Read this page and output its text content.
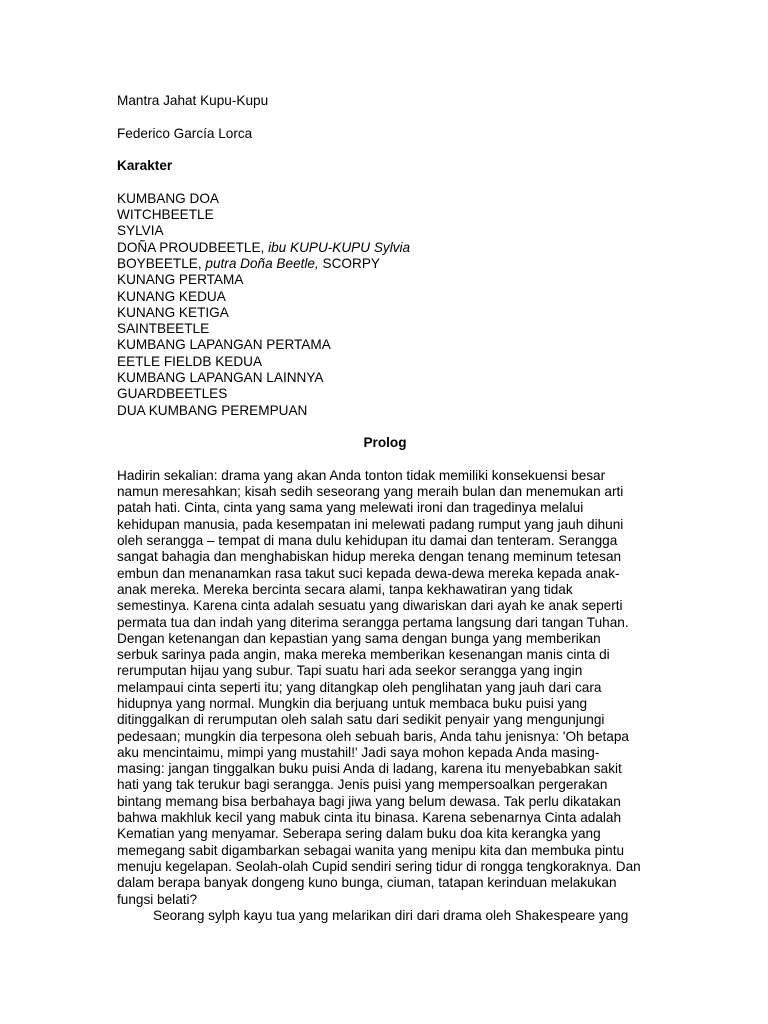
Mantra Jahat Kupu-Kupu
Federico García Lorca
Karakter
KUMBANG DOA
WITCHBEETLE
SYLVIA
DOÑA PROUDBEETLE, ibu KUPU-KUPU Sylvia
BOYBEETLE, putra Doña Beetle, SCORPY
KUNANG PERTAMA
KUNANG KEDUA
KUNANG KETIGA
SAINTBEETLE
KUMBANG LAPANGAN PERTAMA
EETLE FIELDB KEDUA
KUMBANG LAPANGAN LAINNYA
GUARDBEETLES
DUA KUMBANG PEREMPUAN
Prolog
Hadirin sekalian: drama yang akan Anda tonton tidak memiliki konsekuensi besar
namun meresahkan; kisah sedih seseorang yang meraih bulan dan menemukan arti
patah hati. Cinta, cinta yang sama yang melewati ironi dan tragedinya melalui
kehidupan manusia, pada kesempatan ini melewati padang rumput yang jauh dihuni
oleh serangga – tempat di mana dulu kehidupan itu damai dan tenteram. Serangga
sangat bahagia dan menghabiskan hidup mereka dengan tenang meminum tetesan
embun dan menanamkan rasa takut suci kepada dewa-dewa mereka kepada anak-
anak mereka. Mereka bercinta secara alami, tanpa kekhawatiran yang tidak
semestinya. Karena cinta adalah sesuatu yang diwariskan dari ayah ke anak seperti
permata tua dan indah yang diterima serangga pertama langsung dari tangan Tuhan.
Dengan ketenangan dan kepastian yang sama dengan bunga yang memberikan
serbuk sarinya pada angin, maka mereka memberikan kesenangan manis cinta di
rerumputan hijau yang subur. Tapi suatu hari ada seekor serangga yang ingin
melampaui cinta seperti itu; yang ditangkap oleh penglihatan yang jauh dari cara
hidupnya yang normal. Mungkin dia berjuang untuk membaca buku puisi yang
ditinggalkan di rerumputan oleh salah satu dari sedikit penyair yang mengunjungi
pedesaan; mungkin dia terpesona oleh sebuah baris, Anda tahu jenisnya: 'Oh betapa
aku mencintaimu, mimpi yang mustahil!' Jadi saya mohon kepada Anda masing-
masing: jangan tinggalkan buku puisi Anda di ladang, karena itu menyebabkan sakit
hati yang tak terukur bagi serangga. Jenis puisi yang mempersoalkan pergerakan
bintang memang bisa berbahaya bagi jiwa yang belum dewasa. Tak perlu dikatakan
bahwa makhluk kecil yang mabuk cinta itu binasa. Karena sebenarnya Cinta adalah
Kematian yang menyamar. Seberapa sering dalam buku doa kita kerangka yang
memegang sabit digambarkan sebagai wanita yang menipu kita dan membuka pintu
menuju kegelapan. Seolah-olah Cupid sendiri sering tidur di rongga tengkoraknya. Dan
dalam berapa banyak dongeng kuno bunga, ciuman, tatapan kerinduan melakukan
fungsi belati?
Seorang sylph kayu tua yang melarikan diri dari drama oleh Shakespeare yang
